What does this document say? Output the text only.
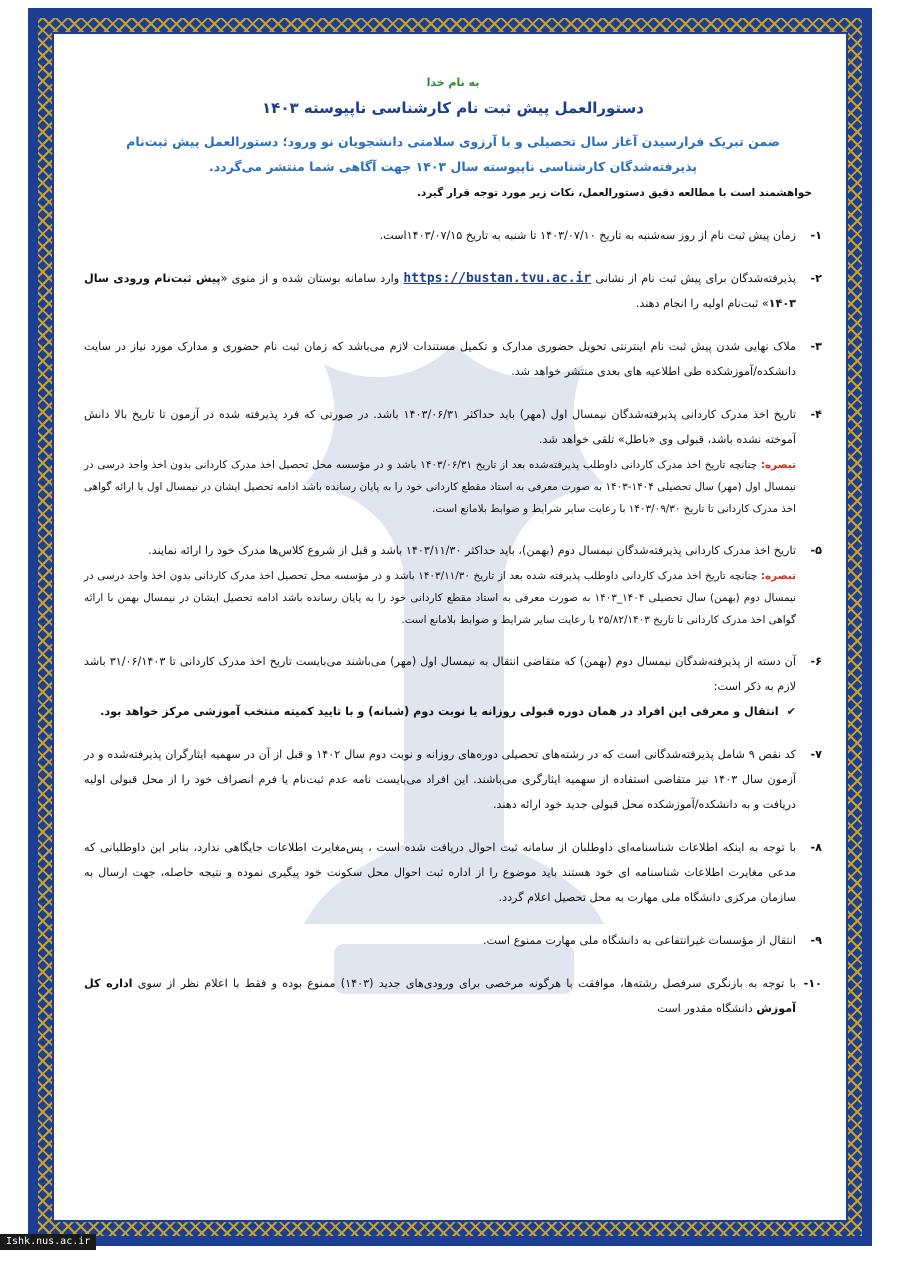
به نام خدا
دستورالعمل پیش ثبت نام کارشناسی ناپیوسته ۱۴۰۳
ضمن تبریک فرارسیدن آغاز سال تحصیلی و با آرزوی سلامتی دانشجویان نو ورود؛ دستورالعمل پیش ثبت‌نام پذیرفته‌شدگان کارشناسی ناپیوسته سال ۱۴۰۳ جهت آگاهی شما منتشر می‌گردد.
خواهشمند است با مطالعه دقیق دستورالعمل، نکات زیر مورد توجه قرار گیرد.
۱-
زمان پیش ثبت نام از روز سه‌شنبه به تاریخ ۱۴۰۳/۰۷/۱۰ تا شنبه به تاریخ ۱۴۰۳/۰۷/۱۵است.
۲-
پذیرفته‌شدگان برای پیش ثبت نام از نشانی https://bustan.tvu.ac.ir وارد سامانه بوستان شده و از منوی «پیش ثبت‌نام ورودی سال ۱۴۰۳» ثبت‌نام اولیه را انجام دهند.
۳-
ملاک نهایی شدن پیش ثبت نام اینترنتی تحویل حضوری مدارک و تکمیل مستندات لازم می‌باشد که زمان ثبت نام حضوری و مدارک مورد نیاز در سایت دانشکده/آموزشکده طی اطلاعیه های بعدی منتشر خواهد شد.
۴-
تاریخ اخذ مدرک کاردانی پذیرفته‌شدگان نیمسال اول (مهر) باید حداکثر ۱۴۰۳/۰۶/۳۱ باشد. در صورتی که فرد پذیرفته شده در آزمون تا تاریخ بالا دانش آموخته نشده باشد، قبولی وی «باطل» تلقی خواهد شد.
تبصره: چنانچه تاریخ اخذ مدرک کاردانی داوطلب پذیرفته‌شده بعد از تاریخ ۱۴۰۳/۰۶/۳۱ باشد و در مؤسسه محل تحصیل اخذ مدرک کاردانی بدون اخذ واحد درسی در نیمسال اول (مهر) سال تحصیلی ۱۴۰۴-۱۴۰۳ به صورت معرفی به استاد مقطع کاردانی خود را به پایان رسانده باشد ادامه تحصیل ایشان در نیمسال اول با ارائه گواهی اخذ مدرک کاردانی تا تاریخ ۱۴۰۳/۰۹/۳۰ با رعایت سایر شرایط و ضوابط بلامانع است.
۵-
تاریخ اخذ مدرک کاردانی پذیرفته‌شدگان نیمسال دوم (بهمن)، باید حداکثر ۱۴۰۳/۱۱/۳۰ باشد و قبل از شروع کلاس‌ها مدرک خود را ارائه نمایند.
تبصره: چنانچه تاریخ اخذ مدرک کاردانی داوطلب پذیرفته شده بعد از تاریخ ۱۴۰۳/۱۱/۳۰ باشد و در مؤسسه محل تحصیل اخذ مدرک کاردانی بدون اخذ واحد درسی در نیمسال دوم (بهمن) سال تحصیلی ۱۴۰۴_۱۴۰۳ به صورت معرفی به استاد مقطع کاردانی خود را به پایان رسانده باشد ادامه تحصیل ایشان در نیمسال بهمن با ارائه گواهی اخذ مدرک کاردانی تا تاریخ ۲۵/۸۲/۱۴۰۳ با رعایت سایر شرایط و ضوابط بلامانع است.
۶-
آن دسته از پذیرفته‌شدگان نیمسال دوم (بهمن) که متقاضی انتقال به نیمسال اول (مهر) می‌باشند می‌بایست تاریخ اخذ مدرک کاردانی تا ۳۱/۰۶/۱۴۰۳ باشد لازم به ذکر است:
✔
انتقال و معرفی این افراد در همان دوره قبولی روزانه یا نوبت دوم (شبانه) و با تایید کمیته منتخب آموزشی مرکز خواهد بود.
۷-
کد نقص ۹ شامل پذیرفته‌شدگانی است که در رشته‌های تحصیلی دوره‌های روزانه و نوبت دوم سال ۱۴۰۲ و قبل از آن در سهمیه ایثارگران پذیرفته‌شده و در آزمون سال ۱۴۰۳ نیز متقاضی استفاده از سهمیه ایثارگری می‌باشند. این افراد می‌بایست نامه عدم ثبت‌نام یا فرم انصراف خود را از محل قبولی اولیه دریافت و به دانشکده/آموزشکده محل قبولی جدید خود ارائه دهند.
۸-
با توجه به اینکه اطلاعات شناسنامه‌ای داوطلبان از سامانه ثبت احوال دریافت شده است ، پس‌مغایرت اطلاعات جایگاهی ندارد، بنابر این داوطلبانی که مدعی مغایرت اطلاعات شناسنامه ای خود هستند باید موضوع را از اداره ثبت احوال محل سکونت خود پیگیری نموده و نتیجه حاصله، جهت ارسال به سازمان مرکزی دانشگاه ملی مهارت به محل تحصیل اعلام گردد.
۹-
انتقال از مؤسسات غیرانتفاعی به دانشگاه ملی مهارت ممنوع است.
۱۰-
با توجه به بازنگری سرفصل رشته‌ها، موافقت با هرگونه مرخصی برای ورودی‌های جدید (۱۴۰۳) ممنوع بوده و فقط با اعلام نظر از سوی اداره کل آموزش دانشگاه مقدور است
Ishk.nus.ac.ir
